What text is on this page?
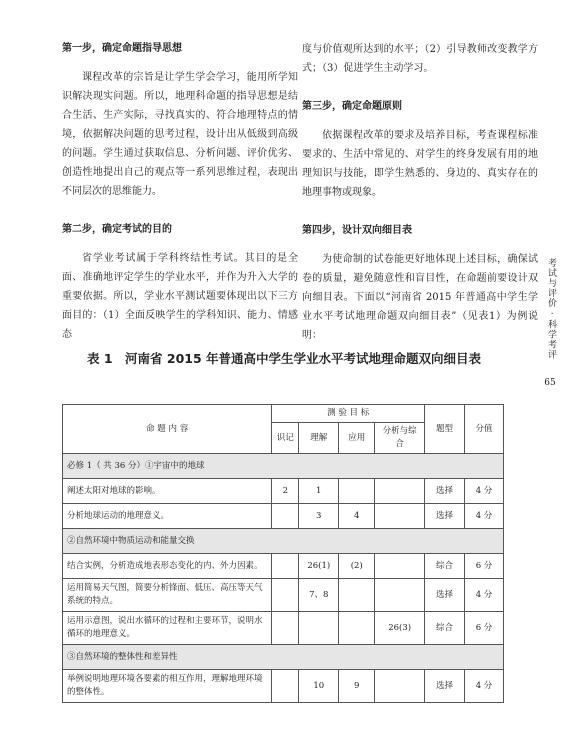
第一步，确定命题指导思想

课程改革的宗旨是让学生学会学习，能用所学知识解决现实问题。所以，地理科命题的指导思想是结合生活、生产实际，寻找真实的、符合地理特点的情境，依据解决问题的思考过程，设计出从低级到高级的问题。学生通过获取信息、分析问题、评价优劣、创造性地提出自己的观点等一系列思维过程，表现出不同层次的思维能力。

第二步，确定考试的目的

省学业考试属于学科终结性考试。其目的是全面、准确地评定学生的学业水平，并作为升入大学的重要依据。所以，学业水平测试题要体现出以下三方面目的：（1）全面反映学生的学科知识、能力、情感态

度与价值观所达到的水平；（2）引导教师改变教学方式；（3）促进学生主动学习。

第三步，确定命题原则

依据课程改革的要求及培养目标，考查课程标准要求的、生活中常见的、对学生的终身发展有用的地理知识与技能，即学生熟悉的、身边的、真实存在的地理事物或现象。

第四步，设计双向细目表

为使命制的试卷能更好地体现上述目标，确保试卷的质量，避免随意性和盲目性，在命题前要设计双向细目表。下面以“河南省 2015 年普通高中学生学业水平考试地理命题双向细目表”（见表1）为例说明：	考试与评价 · 科学考评
65
表 1　河南省 2015 年普通高中学生学业水平考试地理命题双向细目表
命 题 内 容	测 验 目 标				题型	分值
	识记	理解	应用	分析与综合		
必修 1（ 共 36 分）①宇宙中的地球						
阐述太阳对地球的影响。	2	1			选择	4 分
分析地球运动的地理意义。		3	4		选择	4 分
②自然环境中物质运动和能量交换						
结合实例，分析造成地表形态变化的内、外力因素。		26(1)	(2)		综合	6 分
运用简易天气图，简要分析锋面、低压、高压等天气系统的特点。		7、8			选择	4 分
运用示意图，说出水循环的过程和主要环节，说明水循环的地理意义。				26(3)	综合	6 分
③自然环境的整体性和差异性						
举例说明地理环境各要素的相互作用，理解地理环境的整体性。		10	9		选择	4 分
